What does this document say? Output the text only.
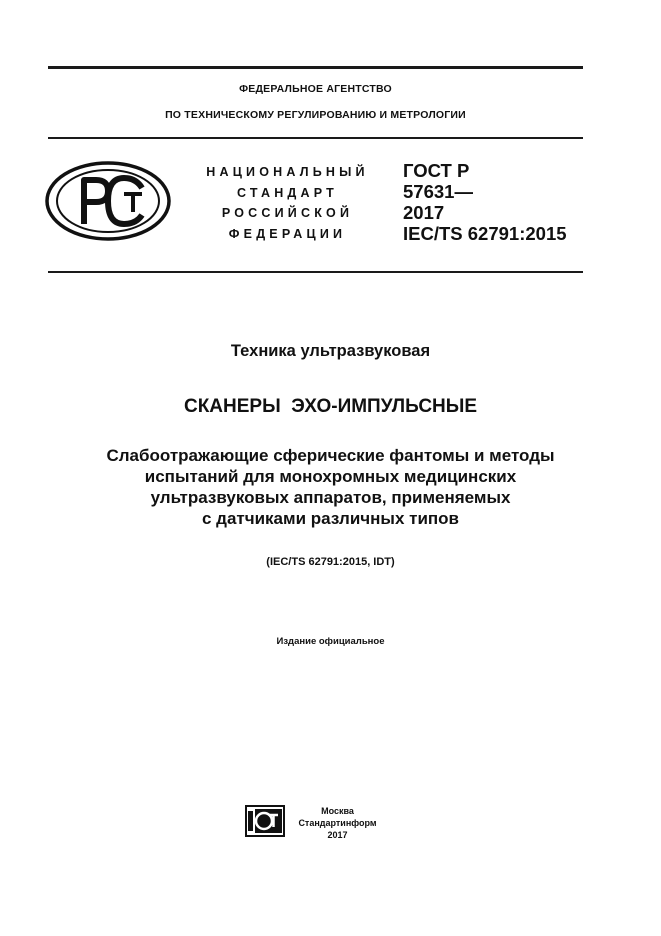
ФЕДЕРАЛЬНОЕ АГЕНТСТВО
ПО ТЕХНИЧЕСКОМУ РЕГУЛИРОВАНИЮ И МЕТРОЛОГИИ
НАЦИОНАЛЬНЫЙ
СТАНДАРТ
РОССИЙСКОЙ
ФЕДЕРАЦИИ
ГОСТ Р
57631—
2017
IEC/TS 62791:2015
Техника ультразвуковая
СКАНЕРЫ  ЭХО-ИМПУЛЬСНЫЕ
Слабоотражающие сферические фантомы и методы
испытаний для монохромных медицинских
ультразвуковых аппаратов, применяемых
с датчиками различных типов
(IEC/TS 62791:2015, IDT)
Издание официальное
Москва
Стандартинформ
2017
